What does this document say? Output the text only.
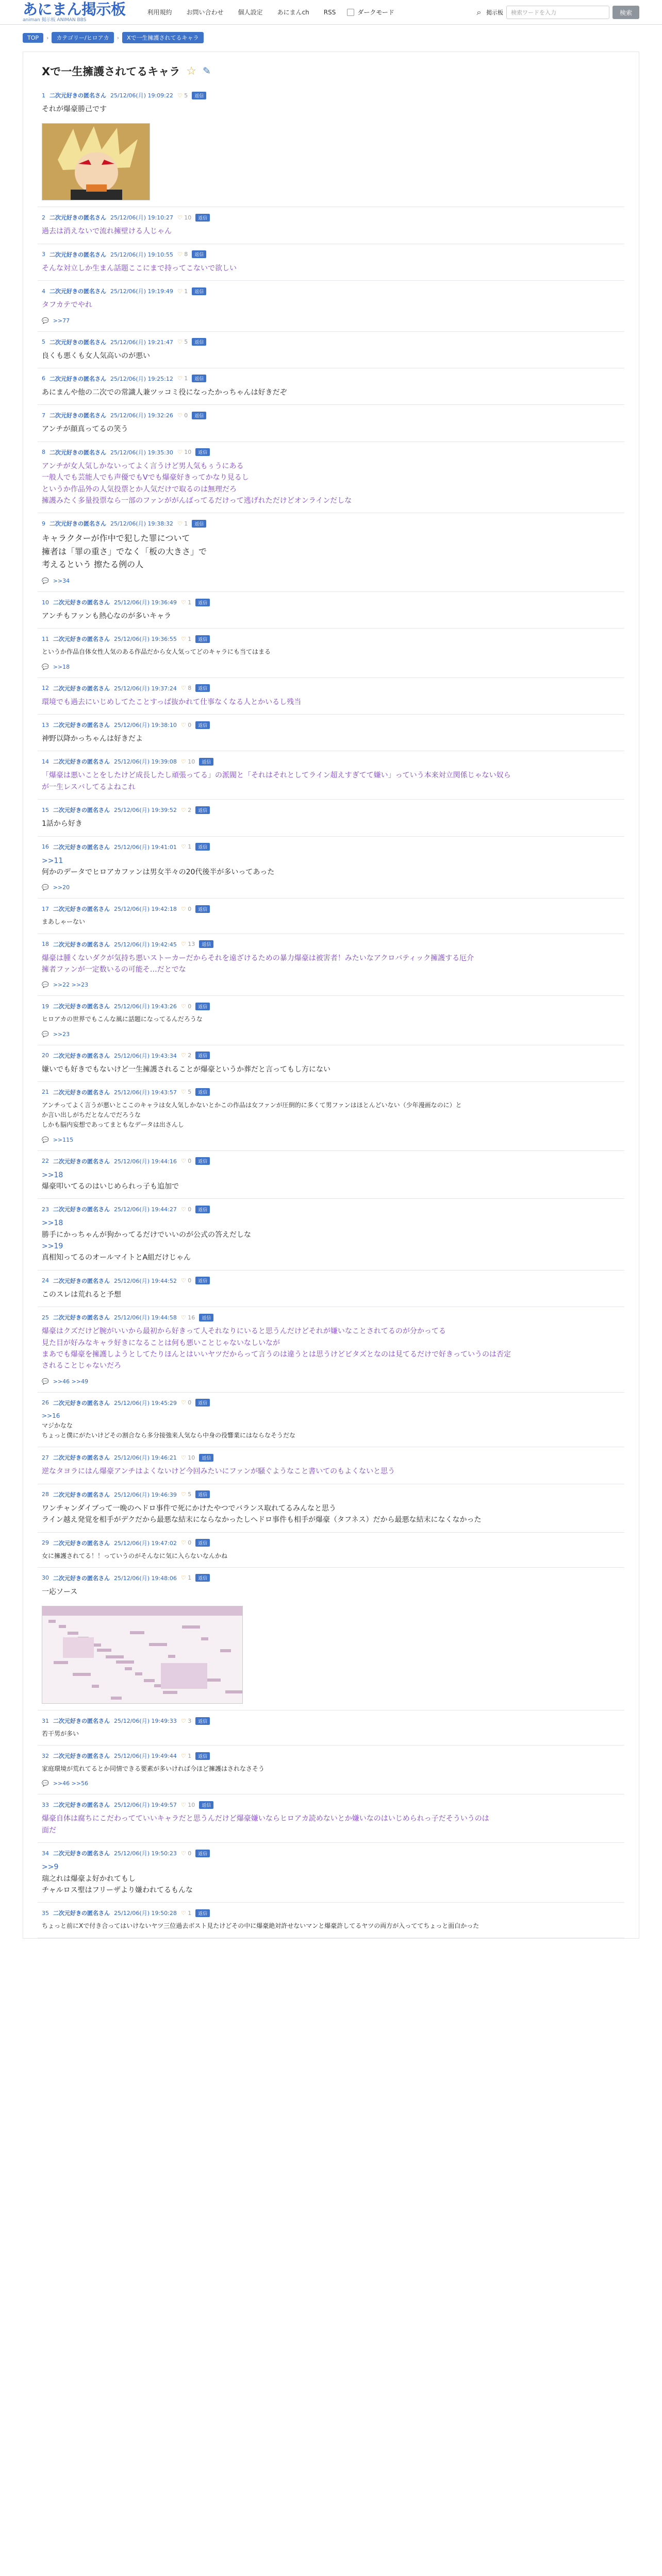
あにまん掲示板
animan 掲示板 ANIMAN BBS
利用規約	お問い合わせ	個人設定	あにまんch	RSS	ダークモード	⌕ 掲示板
検索ワードを入力	検索
TOP	›	カテゴリー/ヒロアカ	›	Xで一生擁護されてるキャラ
Xで一生擁護されてるキャラ ☆ ✎
1 二次元好きの匿名さん 25/12/06(月) 19:09:22 ♡ 5	返信
それが爆豪勝己です
2 二次元好きの匿名さん 25/12/06(月) 19:10:27 ♡ 10	返信
過去は消えないで流れ擁壁ける人じゃん
3 二次元好きの匿名さん 25/12/06(月) 19:10:55 ♡ 8	返信
そんな対立しか生まん話題ここにまで持ってこないで欲しい
4 二次元好きの匿名さん 25/12/06(月) 19:19:49 ♡ 1	返信
タフカテでやれ
💬 >>77
5 二次元好きの匿名さん 25/12/06(月) 19:21:47 ♡ 5	返信
良くも悪くも女人気高いのが悪い
6 二次元好きの匿名さん 25/12/06(月) 19:25:12 ♡ 1	返信
あにまんや他の二次での常識人兼ツッコミ役になったかっちゃんは好きだぞ
7 二次元好きの匿名さん 25/12/06(月) 19:32:26 ♡ 0	返信
アンチが顔真ってるの笑う
8 二次元好きの匿名さん 25/12/06(月) 19:35:30 ♡ 10	返信
アンチが女人気しかないってよく言うけど男人気もぅうにある
一般人でも芸能人でも声優でもVでも爆豪好きってかなり見るし
というか作品外の人気投票とか人気だけで取るのは無理だろ
擁護みたく多量投票なら一部のファンががんばってるだけって逃げれただけどオンラインだしな
9 二次元好きの匿名さん 25/12/06(月) 19:38:32 ♡ 1	返信
キャラクターが作中で犯した罪について
擁者は「罪の重さ」でなく「板の大きさ」で
考えるという 擦たる例の人
💬 >>34
10 二次元好きの匿名さん 25/12/06(月) 19:36:49 ♡ 1	返信
アンチもファンも熱心なのが多いキャラ
11 二次元好きの匿名さん 25/12/06(月) 19:36:55 ♡ 1	返信
というか作品自体女性人気のある作品だから女人気ってどのキャラにも当てはまる
💬 >>18
12 二次元好きの匿名さん 25/12/06(月) 19:37:24 ♡ 8	返信
環境でも過去にいじめしてたことすっぱ抜かれて仕事なくなる人とかいるし残当
13 二次元好きの匿名さん 25/12/06(月) 19:38:10 ♡ 0	返信
神野以降かっちゃんは好きだよ
14 二次元好きの匿名さん 25/12/06(月) 19:39:08 ♡ 10	返信
「爆豪は悪いことをしたけど成長したし頑張ってる」の派閥と「それはそれとしてライン超えすぎてて嫌い」っていう本来対立関係じゃない奴ら
が一生レスバしてるよねこれ
15 二次元好きの匿名さん 25/12/06(月) 19:39:52 ♡ 2	返信
1話から好き
16 二次元好きの匿名さん 25/12/06(月) 19:41:01 ♡ 1	返信
>>11
何かのデータでヒロアカファンは男女半々の20代後半が多いってあった
💬 >>20
17 二次元好きの匿名さん 25/12/06(月) 19:42:18 ♡ 0	返信
まあしゃーない
18 二次元好きの匿名さん 25/12/06(月) 19:42:45 ♡ 13	返信
爆豪は腫くないダクが気持ち悪いストーカーだからそれを遠ざけるための暴力爆豪は被害者！みたいなアクロバティック擁護する厄介
擁者ファンが一定数いるの可能そ…だとでな
💬 >>22 >>23
19 二次元好きの匿名さん 25/12/06(月) 19:43:26 ♡ 0	返信
ヒロアカの世界でもこんな風に話題になってるんだろうな
💬 >>23
20 二次元好きの匿名さん 25/12/06(月) 19:43:34 ♡ 2	返信
嫌いでも好きでもないけど一生擁護されることが爆豪というか葬だと言ってもし方にない
21 二次元好きの匿名さん 25/12/06(月) 19:43:57 ♡ 5	返信
アンチってよく言うが悪いとここのキャラは女人気しかないとかこの作品は女ファンが圧倒的に多くて男ファンはほとんどいない（少年漫画なのに）と
か言い出しがちだとなんでだろうな
しかも脳内妄想であってまともなデータは出さんし
💬 >>115
22 二次元好きの匿名さん 25/12/06(月) 19:44:16 ♡ 0	返信
>>18
爆豪叩いてるのはいじめられっ子も追加で
23 二次元好きの匿名さん 25/12/06(月) 19:44:27 ♡ 0	返信
>>18
勝手にかっちゃんが狗かってるだけでいいのが公式の答えだしな
>>19
真相知ってるのオールマイトとA組だけじゃん
24 二次元好きの匿名さん 25/12/06(月) 19:44:52 ♡ 0	返信
このスレは荒れると予想
25 二次元好きの匿名さん 25/12/06(月) 19:44:58 ♡ 16	返信
爆豪はクズだけど腕がいいから最初から好きって人それなりにいると思うんだけどそれが嫌いなことされてるのが分かってる
見た目が好みなキャラ好きになることは何も悪いことじゃないなしいなが
まあでも爆豪を擁護しようとしてたりほんとはいいヤツだからって言うのは違うとは思うけどビタズとなのは見てるだけで好きっていうのは否定
されることじゃないだろ
💬 >>46 >>49
26 二次元好きの匿名さん 25/12/06(月) 19:45:29 ♡ 0	返信
>>16
マジかなな
ちょっと僕にがたいけどその割合なら多分接強来人気なら中身の役響業にはならなそうだな
27 二次元好きの匿名さん 25/12/06(月) 19:46:21 ♡ 10	返信
逆なタヨラにはん爆豪アンチはよくないけど今回みたいにファンが騒ぐようなこと書いてのもよくないと思う
28 二次元好きの匿名さん 25/12/06(月) 19:46:39 ♡ 5	返信
ワンチャンダイブって一晩のヘドロ事件で死にかけたやつでバランス取れてるみんなと思う
ライン越え発覚を相手がデクだから最悪な結末にならなかったしへドロ事件も相手が爆豪（タフネス）だから最悪な結末になくなかった
29 二次元好きの匿名さん 25/12/06(月) 19:47:02 ♡ 0	返信
女に擁護されてる！！っていうのがそんなに気に入らないなんかね
30 二次元好きの匿名さん 25/12/06(月) 19:48:06 ♡ 1	返信
一応ソース
31 二次元好きの匿名さん 25/12/06(月) 19:49:33 ♡ 3	返信
若干男が多い
32 二次元好きの匿名さん 25/12/06(月) 19:49:44 ♡ 1	返信
家庭環境が荒れてるとか同情できる要素が多いければ今ほど擁護はされなさそう
💬 >>46 >>56
33 二次元好きの匿名さん 25/12/06(月) 19:49:57 ♡ 10	返信
爆豪自体は腐ちにこだわってていいキャラだと思うんだけど爆豪嫌いならヒロアカ読めないとか嫌いなのはいじめられっ子だそういうのは
面だ
34 二次元好きの匿名さん 25/12/06(月) 19:50:23 ♡ 0	返信
>>9
瑞之れは爆豪よ好かれてもし
チャルロス聖はフリーザより嫌われてるもんな
35 二次元好きの匿名さん 25/12/06(月) 19:50:28 ♡ 1	返信
ちょっと前にXで付き合ってはいけないヤツ三位過去ボスト見たけどその中に爆豪絶対許せないマンと爆豪許してるヤツの両方が入っててちょっと面白かった
